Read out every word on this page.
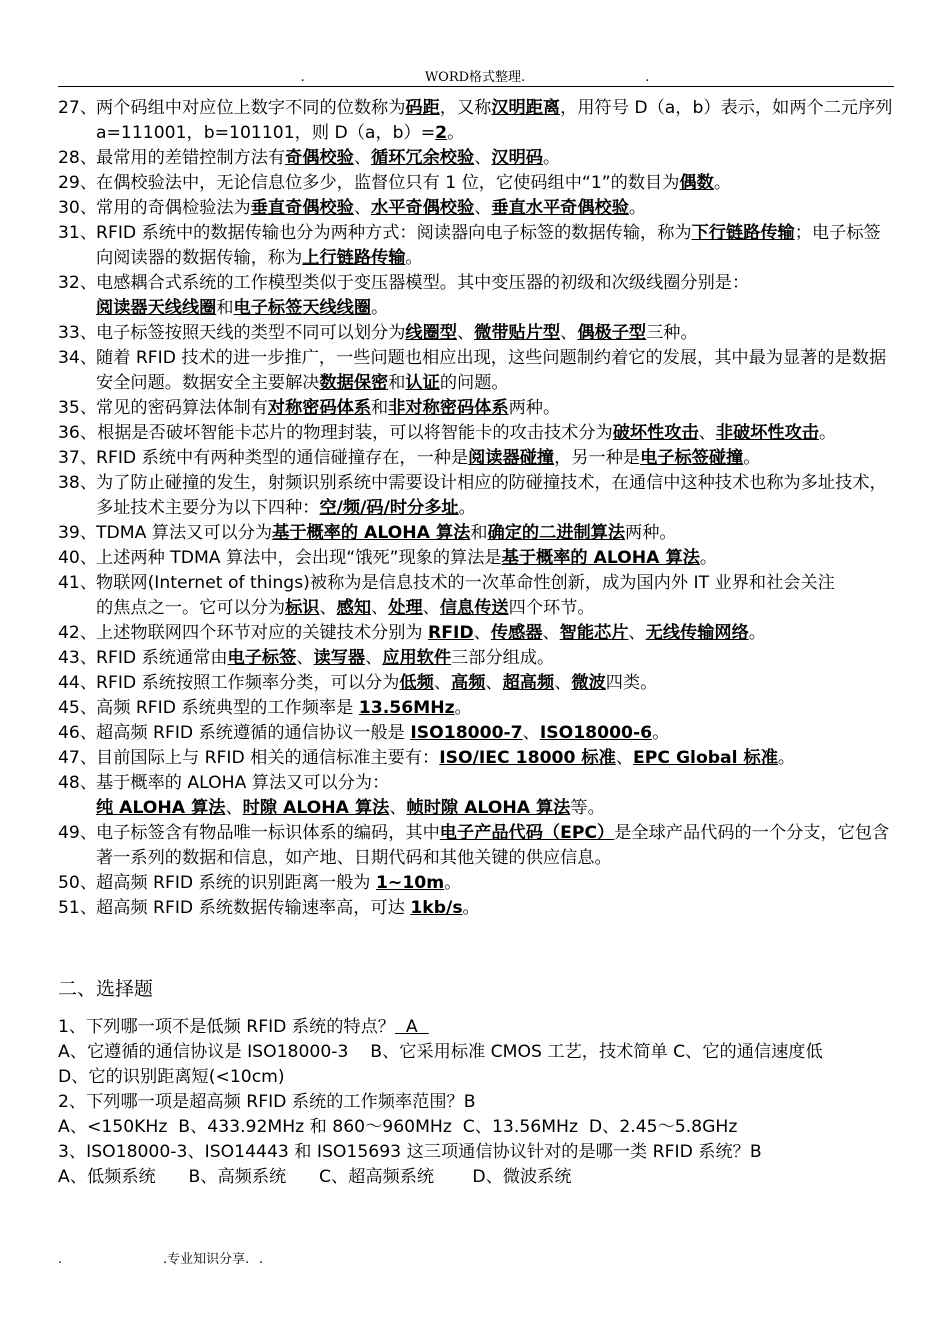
.	WORD格式整理.	.
27、
两个码组中对应位上数字不同的位数称为码距，又称汉明距离，用符号 D（a，b）表示，如两个二元序列 a=111001，b=101101，则 D（a，b）=2。
28、
最常用的差错控制方法有奇偶校验、循环冗余校验、汉明码。
29、
在偶校验法中，无论信息位多少，监督位只有 1 位，它使码组中“1”的数目为偶数。
30、
常用的奇偶检验法为垂直奇偶校验、水平奇偶校验、垂直水平奇偶校验。
31、
RFID 系统中的数据传输也分为两种方式：阅读器向电子标签的数据传输，称为下行链路传输；电子标签向阅读器的数据传输，称为上行链路传输。
32、
电感耦合式系统的工作模型类似于变压器模型。其中变压器的初级和次级线圈分别是：
阅读器天线线圈和电子标签天线线圈。
33、
电子标签按照天线的类型不同可以划分为线圈型、微带贴片型、偶极子型三种。
34、
随着 RFID 技术的进一步推广，一些问题也相应出现，这些问题制约着它的发展，其中最为显著的是数据安全问题。数据安全主要解决数据保密和认证的问题。
35、
常见的密码算法体制有对称密码体系和非对称密码体系两种。
36、根据是否破坏智能卡芯片的物理封装，可以将智能卡的攻击技术分为破坏性攻击、非破坏性攻击。
37、
RFID 系统中有两种类型的通信碰撞存在，一种是阅读器碰撞，另一种是电子标签碰撞。
38、
为了防止碰撞的发生，射频识别系统中需要设计相应的防碰撞技术，在通信中这种技术也称为多址技术，多址技术主要分为以下四种：空/频/码/时分多址。
39、
TDMA 算法又可以分为基于概率的 ALOHA 算法和确定的二进制算法两种。
40、
上述两种 TDMA 算法中，会出现“饿死”现象的算法是基于概率的 ALOHA 算法。
41、
物联网(Internet of things)被称为是信息技术的一次革命性创新，成为国内外 IT 业界和社会关注
的焦点之一。它可以分为标识、感知、处理、信息传送四个环节。
42、
上述物联网四个环节对应的关键技术分别为 RFID、传感器、智能芯片、无线传输网络。
43、
RFID 系统通常由电子标签、读写器、应用软件三部分组成。
44、
RFID 系统按照工作频率分类，可以分为低频、高频、超高频、微波四类。
45、
高频 RFID 系统典型的工作频率是 13.56MHz。
46、
超高频 RFID 系统遵循的通信协议一般是 ISO18000-7、ISO18000-6。
47、
目前国际上与 RFID 相关的通信标准主要有：ISO/IEC 18000 标准、EPC Global 标准。
48、
基于概率的 ALOHA 算法又可以分为：
纯 ALOHA 算法、时隙 ALOHA 算法、帧时隙 ALOHA 算法等。
49、
电子标签含有物品唯一标识体系的编码，其中电子产品代码（EPC）是全球产品代码的一个分支，它包含著一系列的数据和信息，如产地、日期代码和其他关键的供应信息。
50、
超高频 RFID 系统的识别距离一般为 1~10m。
51、
超高频 RFID 系统数据传输速率高，可达 1kb/s。
二、选择题
1、下列哪一项不是低频 RFID 系统的特点？  A
A、它遵循的通信协议是 ISO18000-3    B、它采用标准 CMOS 工艺，技术简单 C、它的通信速度低              D、它的识别距离短(<10cm)
2、下列哪一项是超高频 RFID 系统的工作频率范围？B
A、<150KHz  B、433.92MHz 和 860～960MHz  C、13.56MHz  D、2.45～5.8GHz
3、ISO18000-3、ISO14443 和 ISO15693 这三项通信协议针对的是哪一类 RFID 系统？B
A、低频系统      B、高频系统      C、超高频系统       D、微波系统
.	.专业知识分享. .
